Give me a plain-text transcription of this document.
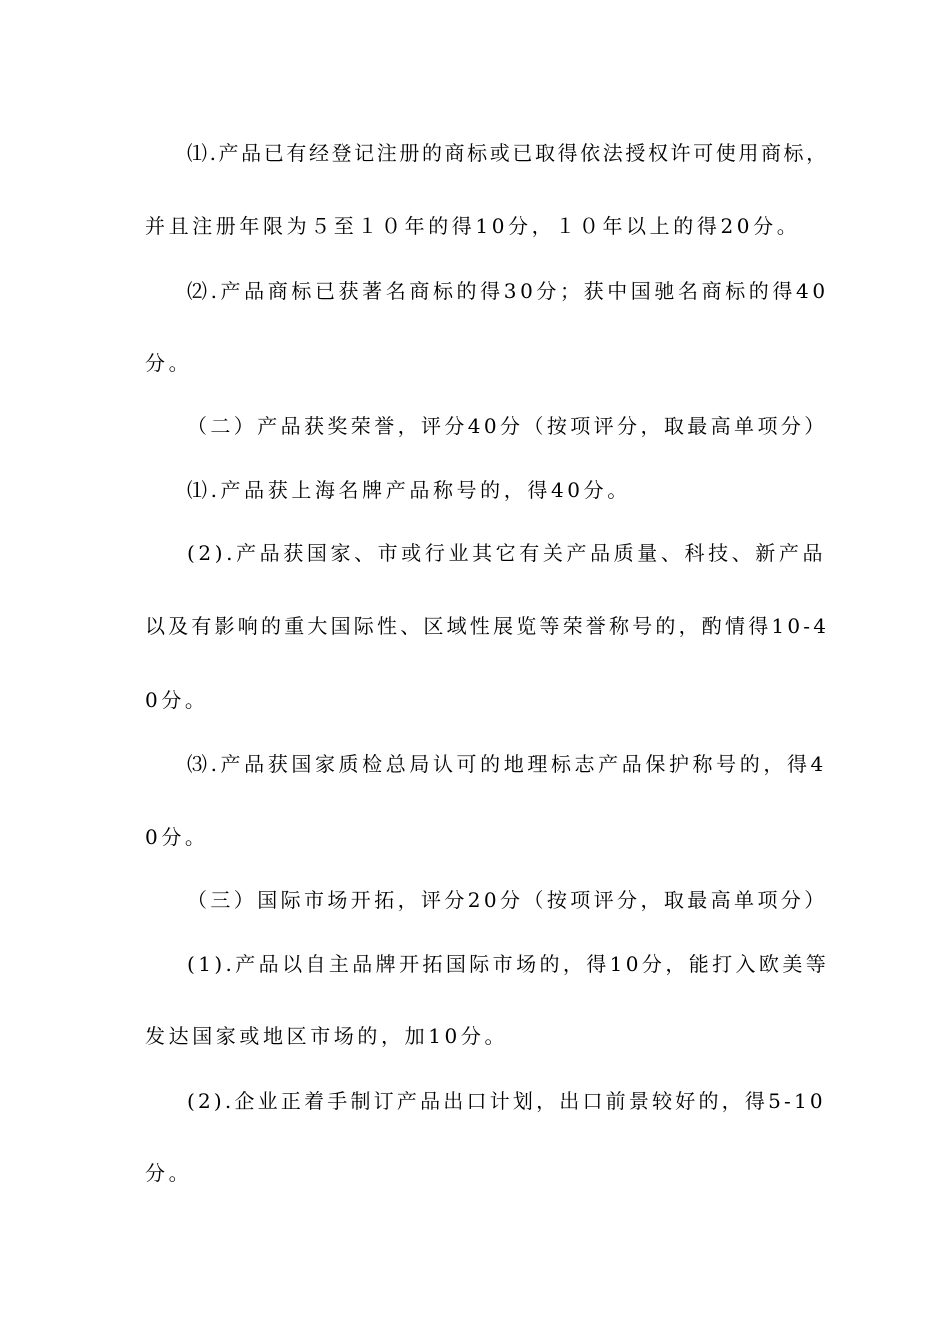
⑴.产品已有经登记注册的商标或已取得依法授权许可使用商标，
并且注册年限为５至１０年的得10分，１０年以上的得20分。
⑵.产品商标已获著名商标的得30分；获中国驰名商标的得40
分。
（二）产品获奖荣誉，评分40分（按项评分，取最高单项分）
⑴.产品获上海名牌产品称号的，得40分。
(2).产品获国家、市或行业其它有关产品质量、科技、新产品
以及有影响的重大国际性、区域性展览等荣誉称号的，酌情得10-4
0分。
⑶.产品获国家质检总局认可的地理标志产品保护称号的，得4
0分。
（三）国际市场开拓，评分20分（按项评分，取最高单项分）
(1).产品以自主品牌开拓国际市场的，得10分，能打入欧美等
发达国家或地区市场的，加10分。
(2).企业正着手制订产品出口计划，出口前景较好的，得5-10
分。
